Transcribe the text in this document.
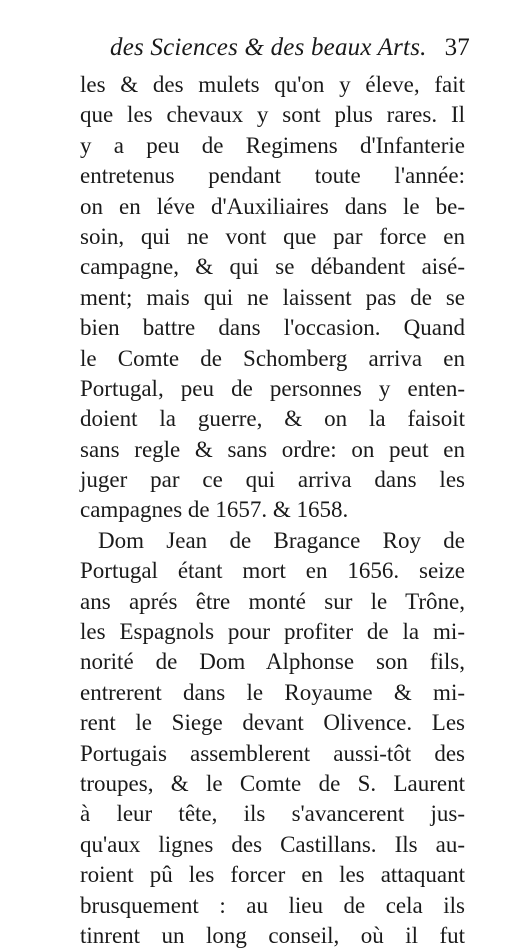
des Sciences & des beaux Arts. 37
les & des mulets qu'on y éleve, fait
que les chevaux y sont plus rares. Il
y a peu de Regimens d'Infanterie
entretenus pendant toute l'année:
on en léve d'Auxiliaires dans le be-
soin, qui ne vont que par force en
campagne, & qui se débandent aisé-
ment; mais qui ne laissent pas de se
bien battre dans l'occasion. Quand
le Comte de Schomberg arriva en
Portugal, peu de personnes y enten-
doient la guerre, & on la faisoit
sans regle & sans ordre: on peut en
juger par ce qui arriva dans les
campagnes de 1657. & 1658.
Dom Jean de Bragance Roy de
Portugal étant mort en 1656. seize
ans aprés être monté sur le Trône,
les Espagnols pour profiter de la mi-
norité de Dom Alphonse son fils,
entrerent dans le Royaume & mi-
rent le Siege devant Olivence. Les
Portugais assemblerent aussi-tôt des
troupes, & le Comte de S. Laurent
à leur tête, ils s'avancerent jus-
qu'aux lignes des Castillans. Ils au-
roient pû les forcer en les attaquant
brusquement : au lieu de cela ils
tinrent un long conseil, où il fut
